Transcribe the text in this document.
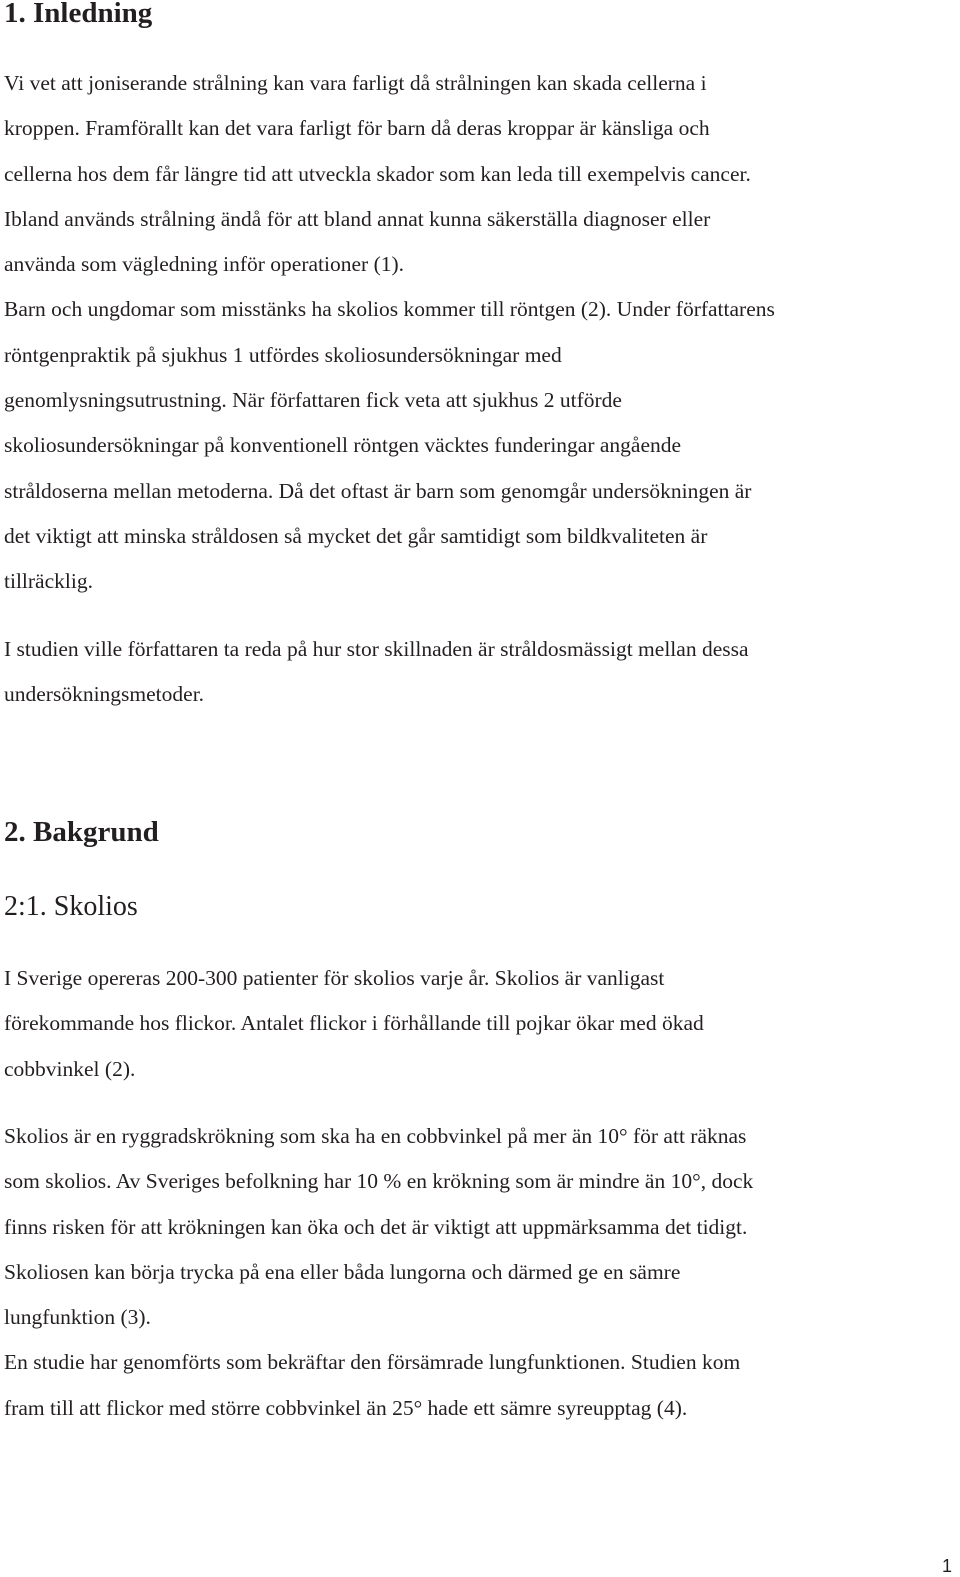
1. Inledning

Vi vet att joniserande strålning kan vara farligt då strålningen kan skada cellerna i
kroppen. Framförallt kan det vara farligt för barn då deras kroppar är känsliga och
cellerna hos dem får längre tid att utveckla skador som kan leda till exempelvis cancer.
Ibland används strålning ändå för att bland annat kunna säkerställa diagnoser eller
använda som vägledning inför operationer (1).
Barn och ungdomar som misstänks ha skolios kommer till röntgen (2). Under författarens
röntgenpraktik på sjukhus 1 utfördes skoliosundersökningar med
genomlysningsutrustning. När författaren fick veta att sjukhus 2 utförde
skoliosundersökningar på konventionell röntgen väcktes funderingar angående
stråldoserna mellan metoderna. Då det oftast är barn som genomgår undersökningen är
det viktigt att minska stråldosen så mycket det går samtidigt som bildkvaliteten är
tillräcklig.

I studien ville författaren ta reda på hur stor skillnaden är stråldosmässigt mellan dessa
undersökningsmetoder.

2. Bakgrund
2:1. Skolios

I Sverige opereras 200-300 patienter för skolios varje år. Skolios är vanligast
förekommande hos flickor. Antalet flickor i förhållande till pojkar ökar med ökad
cobbvinkel (2).

Skolios är en ryggradskrökning som ska ha en cobbvinkel på mer än 10° för att räknas
som skolios. Av Sveriges befolkning har 10 % en krökning som är mindre än 10°, dock
finns risken för att krökningen kan öka och det är viktigt att uppmärksamma det tidigt.
Skoliosen kan börja trycka på ena eller båda lungorna och därmed ge en sämre
lungfunktion (3).
En studie har genomförts som bekräftar den försämrade lungfunktionen. Studien kom
fram till att flickor med större cobbvinkel än 25° hade ett sämre syreupptag (4).

1
